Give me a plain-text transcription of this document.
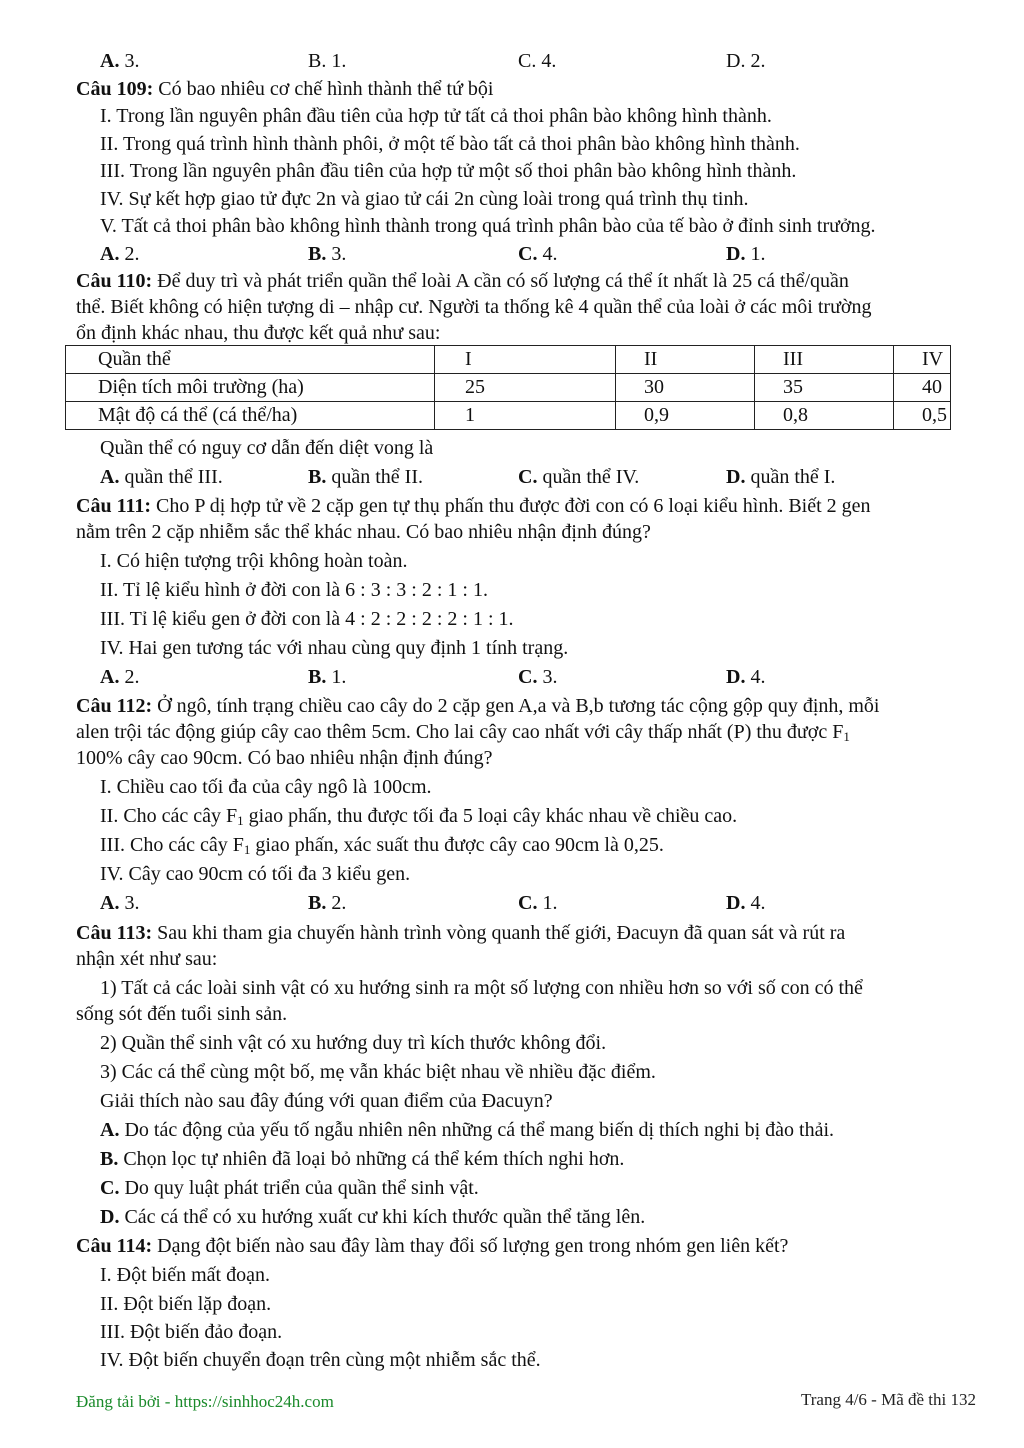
A. 3.	B. 1.	C. 4.	D. 2.
Câu 109: Có bao nhiêu cơ chế hình thành thể tứ bội
I. Trong lần nguyên phân đầu tiên của hợp tử tất cả thoi phân bào không hình thành.
II. Trong quá trình hình thành phôi, ở một tế bào tất cả thoi phân bào không hình thành.
III. Trong lần nguyên phân đầu tiên của hợp tử một số thoi phân bào không hình thành.
IV. Sự kết hợp giao tử đực 2n và giao tử cái 2n cùng loài trong quá trình thụ tinh.
V. Tất cả thoi phân bào không hình thành trong quá trình phân bào của tế bào ở đỉnh sinh trưởng.
A. 2.	B. 3.	C. 4.	D. 1.
Câu 110: Để duy trì và phát triển quần thể loài A cần có số lượng cá thể ít nhất là 25 cá thể/quần
thể. Biết không có hiện tượng di – nhập cư. Người ta thống kê 4 quần thể của loài ở các môi trường
ổn định khác nhau, thu được kết quả như sau:
Quần thể	I	II	III	IV
Diện tích môi trường (ha)	25	30	35	40
Mật độ cá thể (cá thể/ha)	1	0,9	0,8	0,5
Quần thể có nguy cơ dẫn đến diệt vong là
A. quần thể III.	B. quần thể II.	C. quần thể IV.	D. quần thể I.
Câu 111: Cho P dị hợp tử về 2 cặp gen tự thụ phấn thu được đời con có 6 loại kiểu hình. Biết 2 gen
nằm trên 2 cặp nhiễm sắc thể khác nhau. Có bao nhiêu nhận định đúng?
I. Có hiện tượng trội không hoàn toàn.
II. Tỉ lệ kiểu hình ở đời con là 6 : 3 : 3 : 2 : 1 : 1.
III. Tỉ lệ kiểu gen ở đời con là 4 : 2 : 2 : 2 : 2 : 1 : 1.
IV. Hai gen tương tác với nhau cùng quy định 1 tính trạng.
A. 2.	B. 1.	C. 3.	D. 4.
Câu 112: Ở ngô, tính trạng chiều cao cây do 2 cặp gen A,a và B,b tương tác cộng gộp quy định, mỗi
alen trội tác động giúp cây cao thêm 5cm. Cho lai cây cao nhất với cây thấp nhất (P) thu được $F_1$
100% cây cao 90cm. Có bao nhiêu nhận định đúng?
I. Chiều cao tối đa của cây ngô là 100cm.
II. Cho các cây $F_1$ giao phấn, thu được tối đa 5 loại cây khác nhau về chiều cao.
III. Cho các cây $F_1$ giao phấn, xác suất thu được cây cao 90cm là 0,25.
IV. Cây cao 90cm có tối đa 3 kiểu gen.
A. 3.	B. 2.	C. 1.	D. 4.
Câu 113: Sau khi tham gia chuyến hành trình vòng quanh thế giới, Đacuyn đã quan sát và rút ra
nhận xét như sau:
1) Tất cả các loài sinh vật có xu hướng sinh ra một số lượng con nhiều hơn so với số con có thể
sống sót đến tuổi sinh sản.
2) Quần thể sinh vật có xu hướng duy trì kích thước không đổi.
3) Các cá thể cùng một bố, mẹ vẫn khác biệt nhau về nhiều đặc điểm.
Giải thích nào sau đây đúng với quan điểm của Đacuyn?
A. Do tác động của yếu tố ngẫu nhiên nên những cá thể mang biến dị thích nghi bị đào thải.
B. Chọn lọc tự nhiên đã loại bỏ những cá thể kém thích nghi hơn.
C. Do quy luật phát triển của quần thể sinh vật.
D. Các cá thể có xu hướng xuất cư khi kích thước quần thể tăng lên.
Câu 114: Dạng đột biến nào sau đây làm thay đổi số lượng gen trong nhóm gen liên kết?
I. Đột biến mất đoạn.
II. Đột biến lặp đoạn.
III. Đột biến đảo đoạn.
IV. Đột biến chuyển đoạn trên cùng một nhiễm sắc thể.
Đăng tải bởi - https://sinhhoc24h.com	Trang 4/6 - Mã đề thi 132
